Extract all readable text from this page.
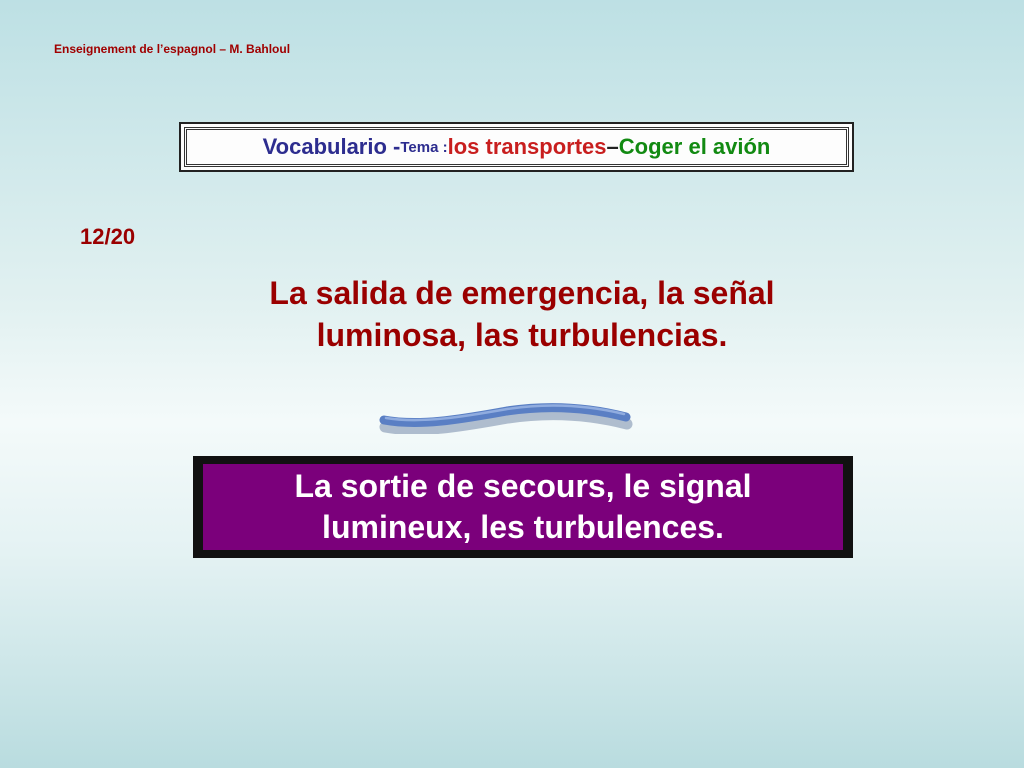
Enseignement de l’espagnol – M. Bahloul
Vocabulario - Tema : los transportes – Coger el avión
12/20
La salida de emergencia, la señal
luminosa, las turbulencias.
La sortie de secours, le signal
lumineux, les turbulences.
